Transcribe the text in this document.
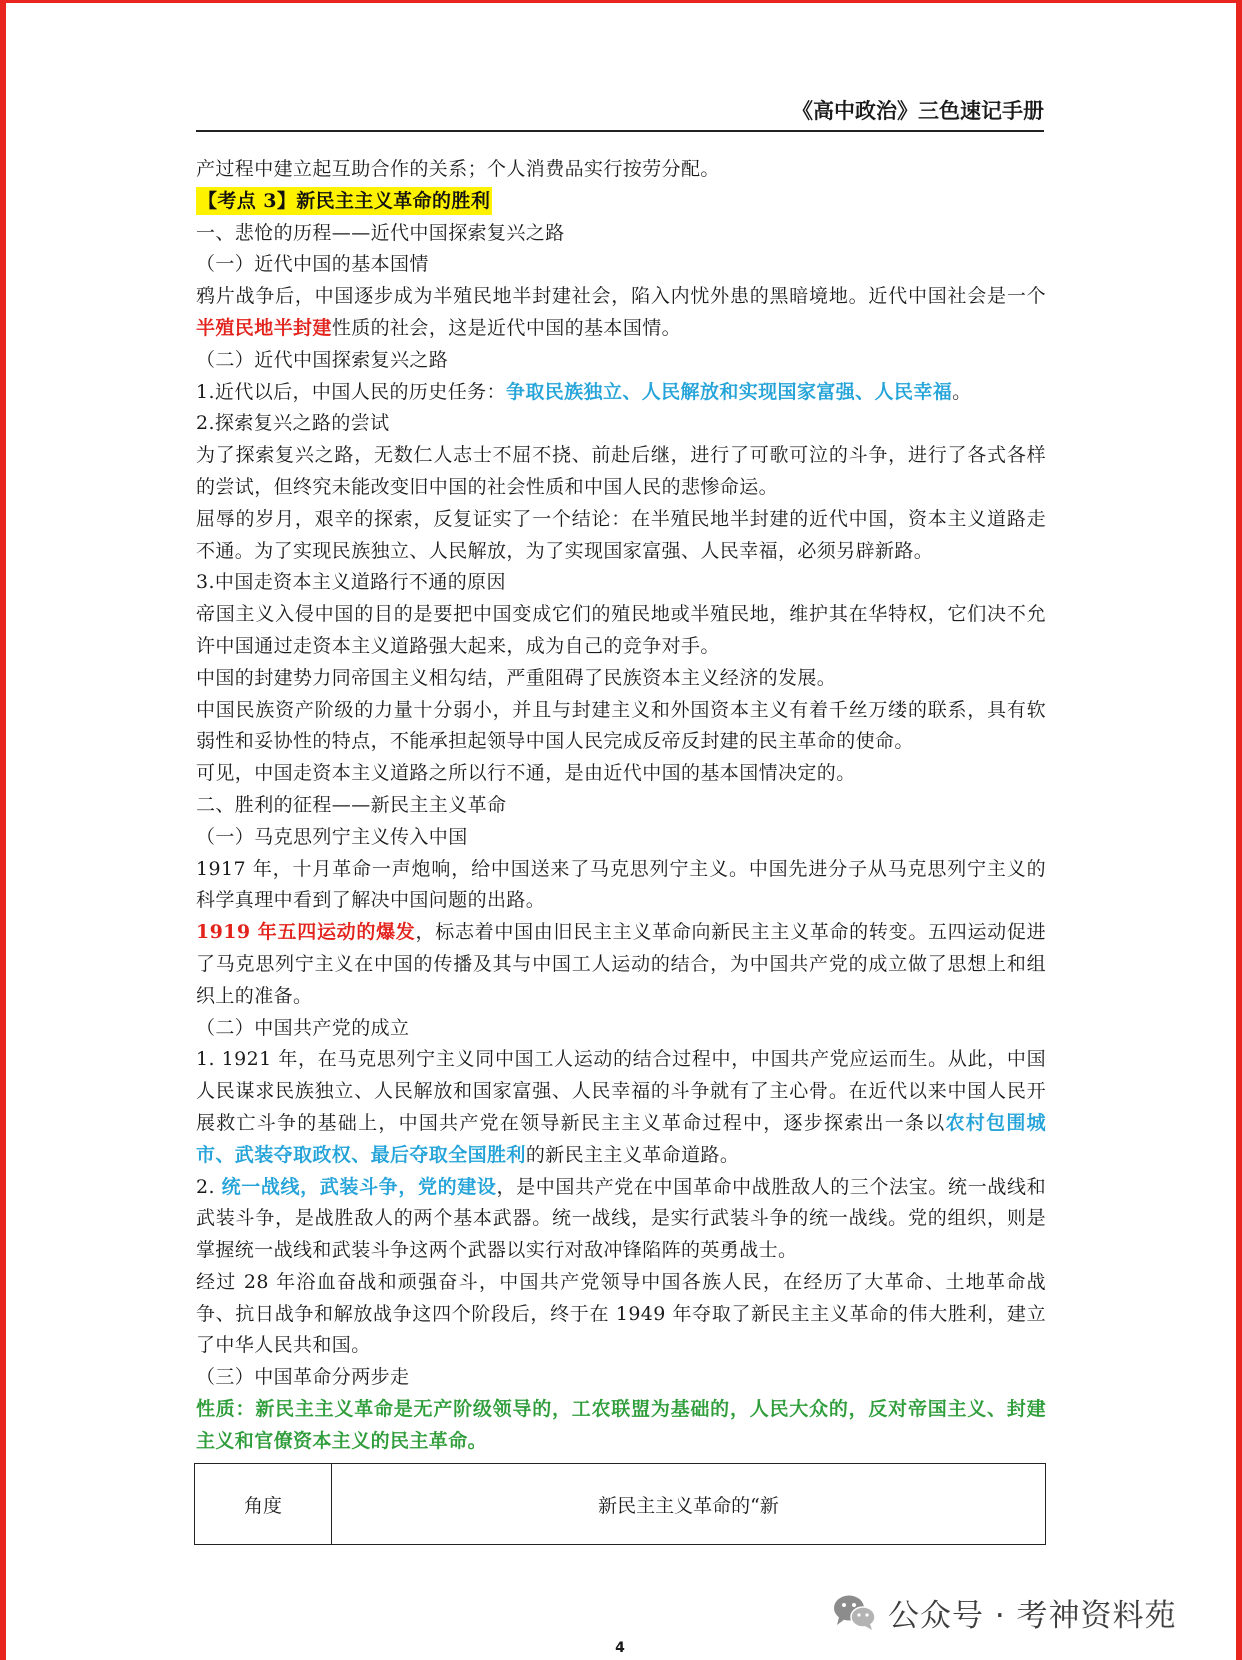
《高中政治》三色速记手册

产过程中建立起互助合作的关系；个人消费品实行按劳分配。

【考点 3】新民主主义革命的胜利

一、悲怆的历程——近代中国探索复兴之路

（一）近代中国的基本国情

鸦片战争后，中国逐步成为半殖民地半封建社会，陷入内忧外患的黑暗境地。近代中国社会是一个半殖民地半封建性质的社会，这是近代中国的基本国情。

（二）近代中国探索复兴之路

1.近代以后，中国人民的历史任务：争取民族独立、人民解放和实现国家富强、人民幸福。

2.探索复兴之路的尝试

为了探索复兴之路，无数仁人志士不屈不挠、前赴后继，进行了可歌可泣的斗争，进行了各式各样的尝试，但终究未能改变旧中国的社会性质和中国人民的悲惨命运。

屈辱的岁月，艰辛的探索，反复证实了一个结论：在半殖民地半封建的近代中国，资本主义道路走不通。为了实现民族独立、人民解放，为了实现国家富强、人民幸福，必须另辟新路。

3.中国走资本主义道路行不通的原因

帝国主义入侵中国的目的是要把中国变成它们的殖民地或半殖民地，维护其在华特权，它们决不允许中国通过走资本主义道路强大起来，成为自己的竞争对手。

中国的封建势力同帝国主义相勾结，严重阻碍了民族资本主义经济的发展。

中国民族资产阶级的力量十分弱小，并且与封建主义和外国资本主义有着千丝万缕的联系，具有软弱性和妥协性的特点，不能承担起领导中国人民完成反帝反封建的民主革命的使命。

可见，中国走资本主义道路之所以行不通，是由近代中国的基本国情决定的。

二、胜利的征程——新民主主义革命

（一）马克思列宁主义传入中国

1917 年，十月革命一声炮响，给中国送来了马克思列宁主义。中国先进分子从马克思列宁主义的科学真理中看到了解决中国问题的出路。

1919 年五四运动的爆发，标志着中国由旧民主主义革命向新民主主义革命的转变。五四运动促进了马克思列宁主义在中国的传播及其与中国工人运动的结合，为中国共产党的成立做了思想上和组织上的准备。

（二）中国共产党的成立

1. 1921 年，在马克思列宁主义同中国工人运动的结合过程中，中国共产党应运而生。从此，中国人民谋求民族独立、人民解放和国家富强、人民幸福的斗争就有了主心骨。在近代以来中国人民开展救亡斗争的基础上，中国共产党在领导新民主主义革命过程中，逐步探索出一条以农村包围城市、武装夺取政权、最后夺取全国胜利的新民主主义革命道路。

2. 统一战线，武装斗争，党的建设，是中国共产党在中国革命中战胜敌人的三个法宝。统一战线和武装斗争，是战胜敌人的两个基本武器。统一战线，是实行武装斗争的统一战线。党的组织，则是掌握统一战线和武装斗争这两个武器以实行对敌冲锋陷阵的英勇战士。

经过 28 年浴血奋战和顽强奋斗，中国共产党领导中国各族人民，在经历了大革命、土地革命战争、抗日战争和解放战争这四个阶段后，终于在 1949 年夺取了新民主主义革命的伟大胜利，建立了中华人民共和国。

（三）中国革命分两步走

性质：新民主主义革命是无产阶级领导的，工农联盟为基础的，人民大众的，反对帝国主义、封建主义和官僚资本主义的民主革命。

角度	新民主主义革命的“新
公众号 · 考神资料苑
4
